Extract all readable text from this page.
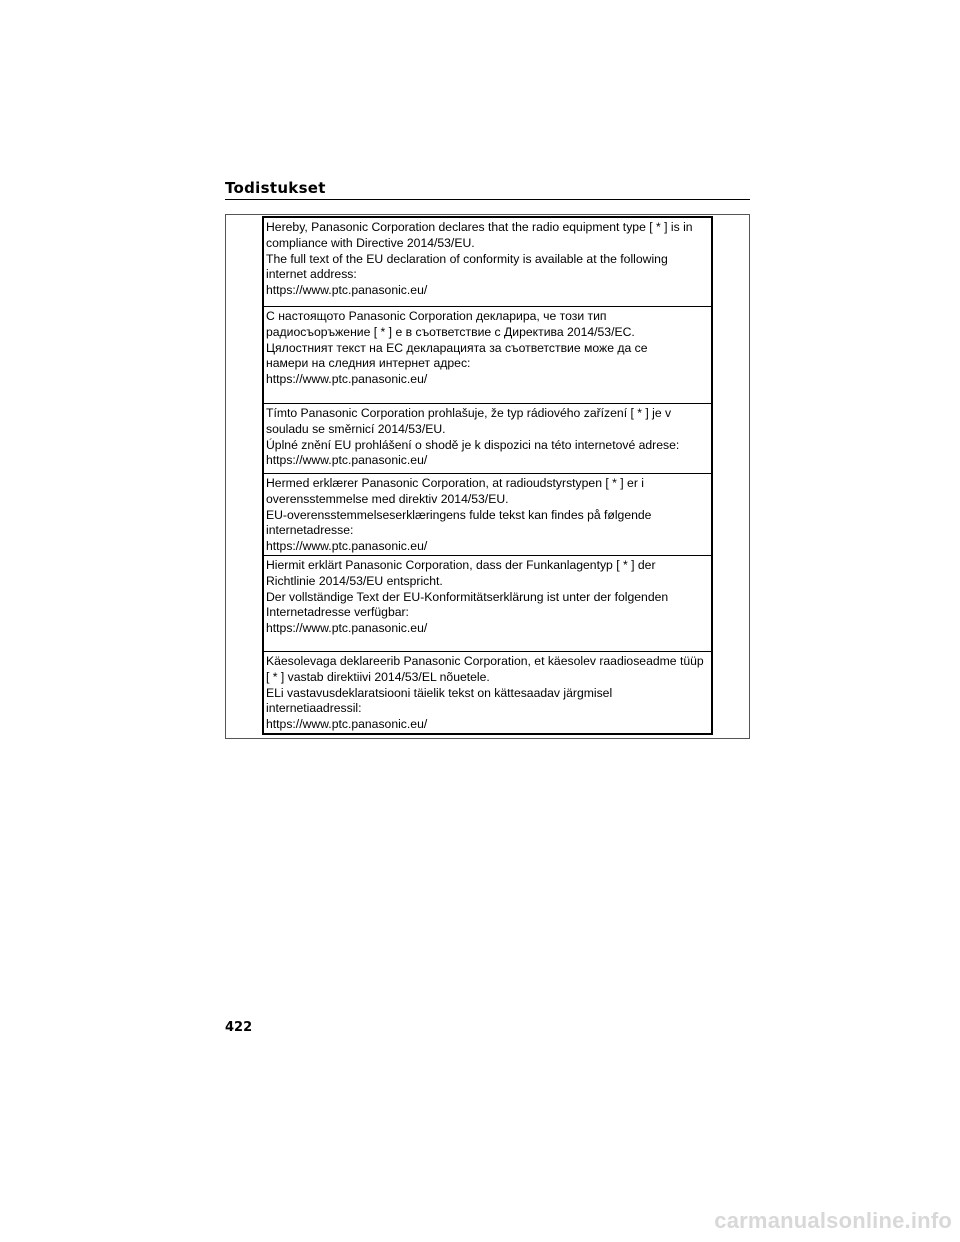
Todistukset
Hereby, Panasonic Corporation declares that the radio equipment type [ * ] is in
compliance with Directive 2014/53/EU.
The full text of the EU declaration of conformity is available at the following
internet address:
https://www.ptc.panasonic.eu/
С настоящото Panasonic Corporation декларира, че този тип
радиосъоръжение [ * ] е в съответствие с Директива 2014/53/ЕС.
Цялостният текст на ЕС декларацията за съответствие може да се
намери на следния интернет адрес:
https://www.ptc.panasonic.eu/
Tímto Panasonic Corporation prohlašuje, že typ rádiového zařízení [ * ] je v
souladu se směrnicí 2014/53/EU.
Úplné znění EU prohlášení o shodě je k dispozici na této internetové adrese:
https://www.ptc.panasonic.eu/
Hermed erklærer Panasonic Corporation, at radioudstyrstypen [ * ] er i
overensstemmelse med direktiv 2014/53/EU.
EU-overensstemmelseserklæringens fulde tekst kan findes på følgende
internetadresse:
https://www.ptc.panasonic.eu/
Hiermit erklärt Panasonic Corporation, dass der Funkanlagentyp [ * ] der
Richtlinie 2014/53/EU entspricht.
Der vollständige Text der EU-Konformitätserklärung ist unter der folgenden
Internetadresse verfügbar:
https://www.ptc.panasonic.eu/
Käesolevaga deklareerib Panasonic Corporation, et käesolev raadioseadme tüüp
[ * ] vastab direktiivi 2014/53/EL nõuetele.
ELi vastavusdeklaratsiooni täielik tekst on kättesaadav järgmisel
internetiaadressil:
https://www.ptc.panasonic.eu/
422
carmanualsonline.info
